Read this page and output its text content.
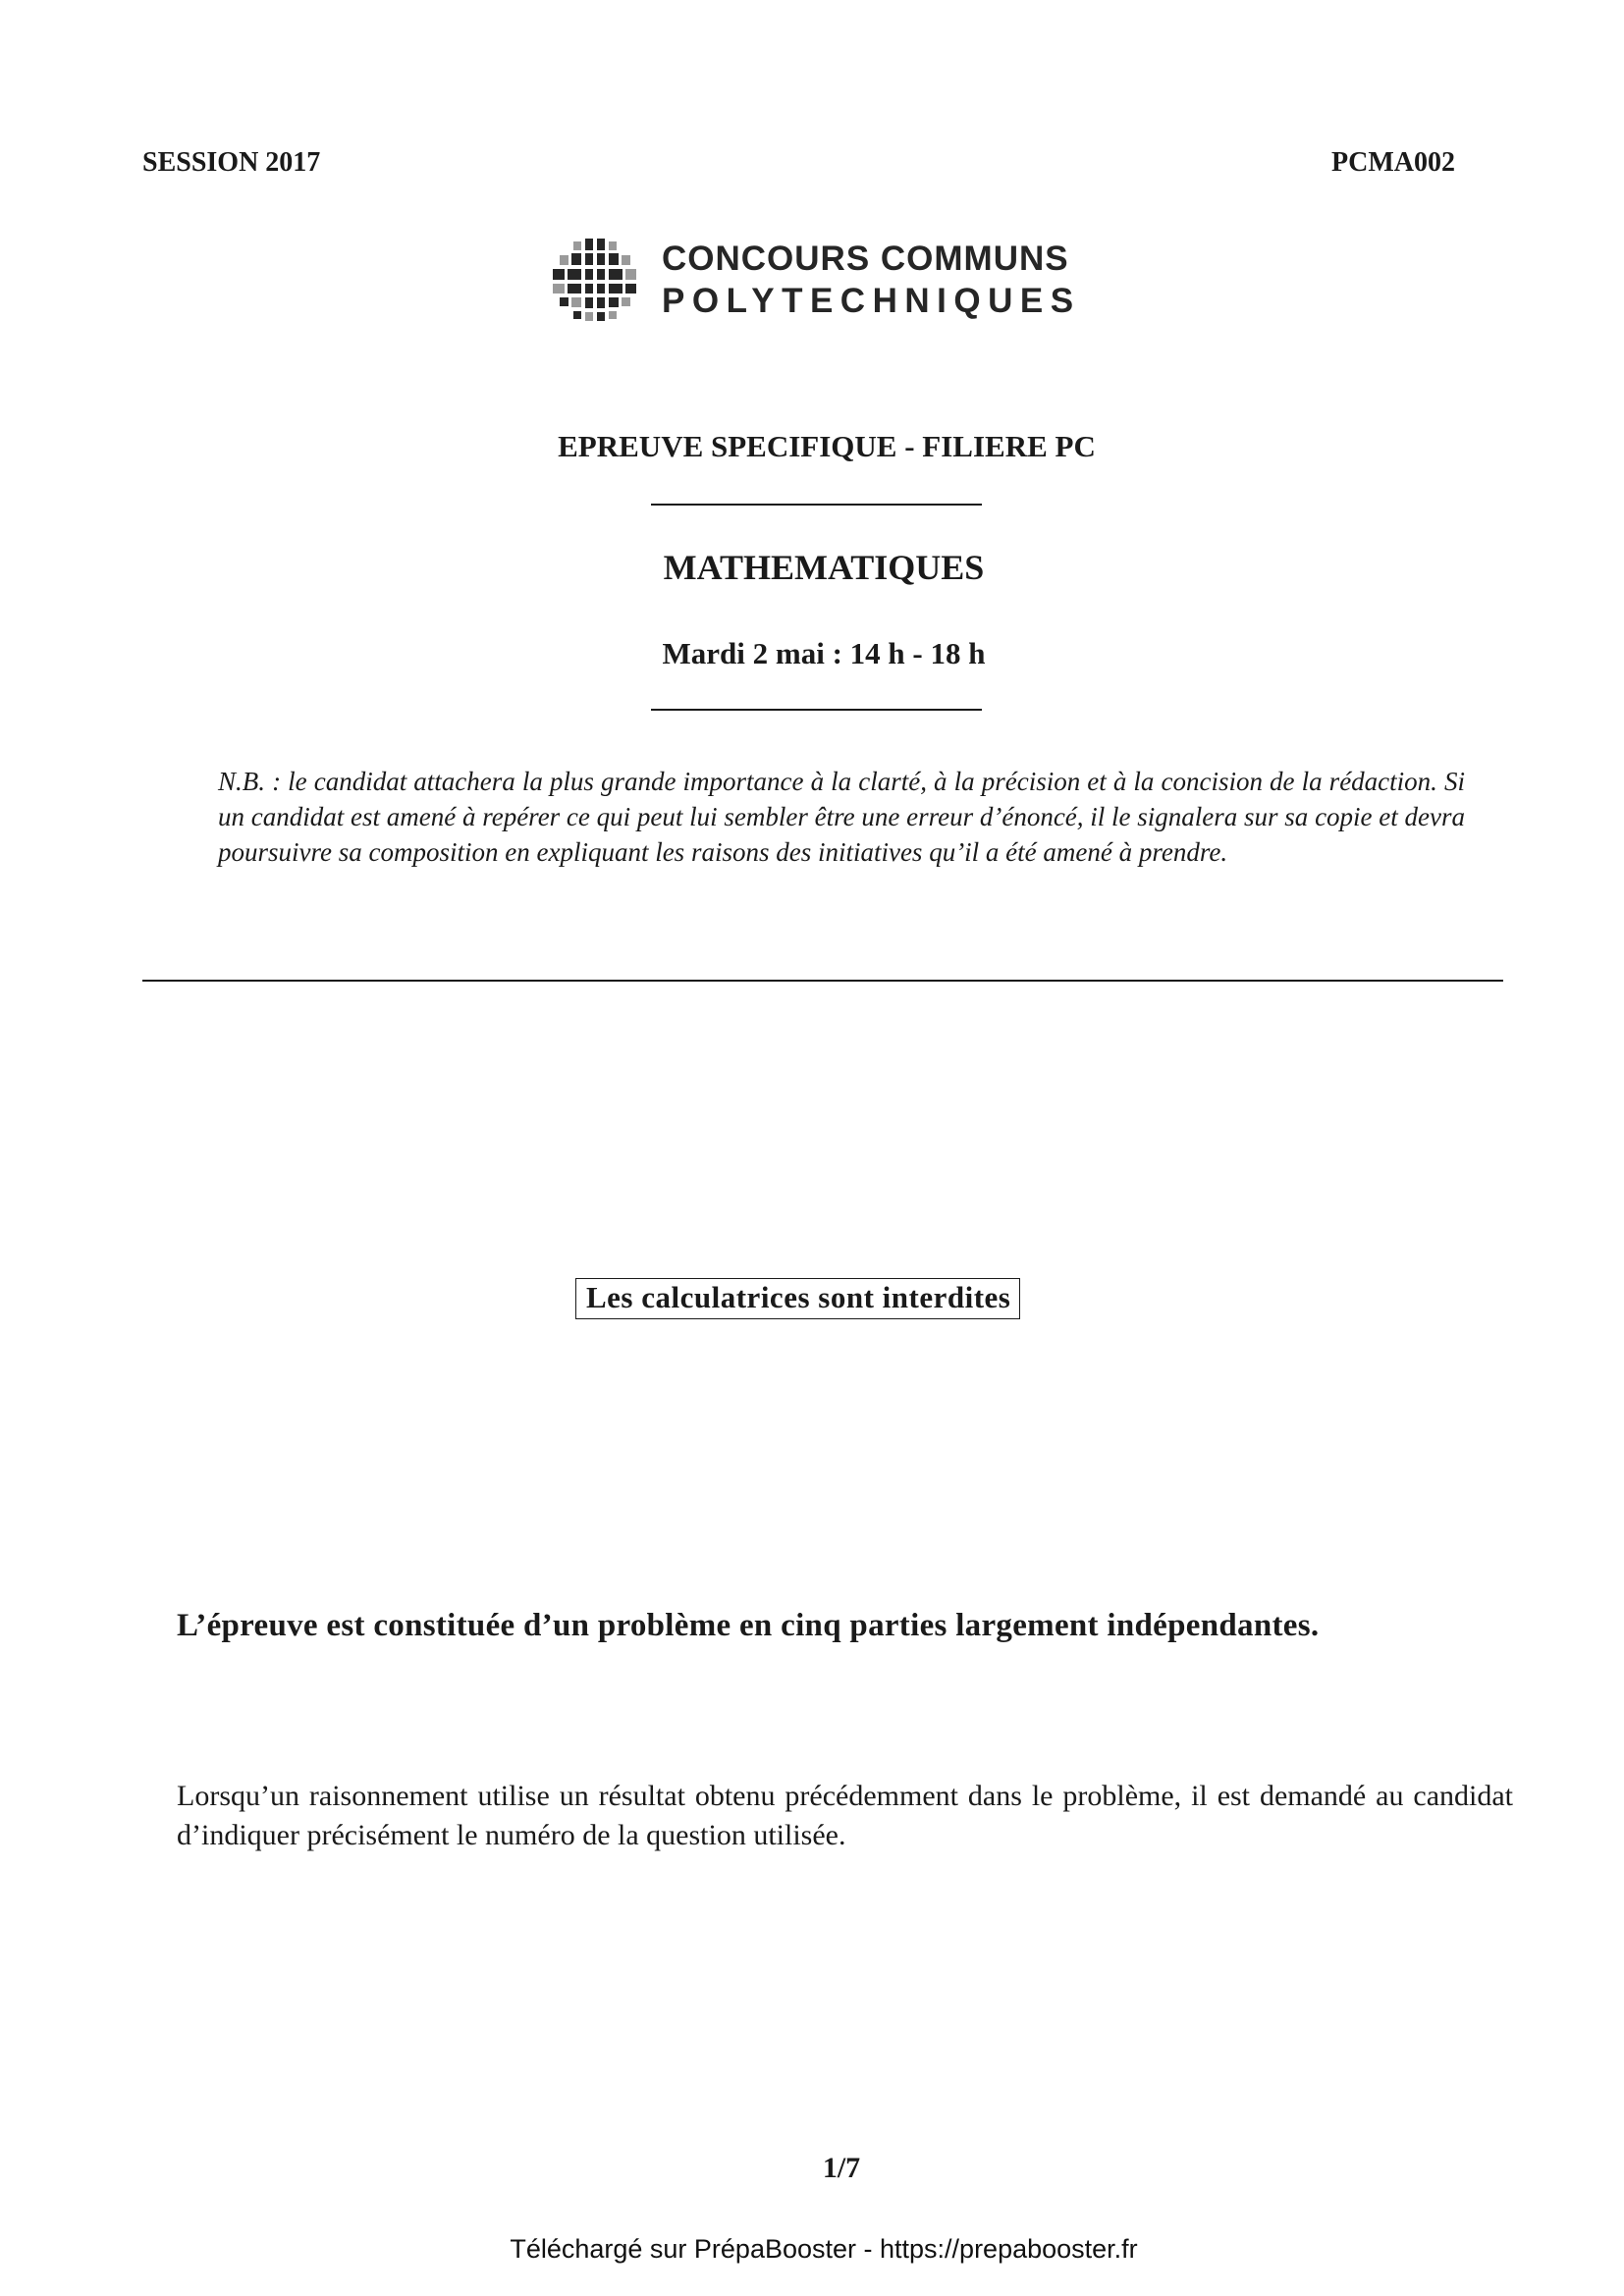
SESSION 2017	PCMA002
CONCOURS COMMUNS
POLYTECHNIQUES
EPREUVE SPECIFIQUE - FILIERE PC
MATHEMATIQUES
Mardi 2 mai : 14 h - 18 h
N.B. : le candidat attachera la plus grande importance à la clarté, à la précision et à la concision de la rédaction. Si un candidat est amené à repérer ce qui peut lui sembler être une erreur d’énoncé, il le signalera sur sa copie et devra poursuivre sa composition en expliquant les raisons des initiatives qu’il a été amené à prendre.
Les calculatrices sont interdites
L’épreuve est constituée d’un problème en cinq parties largement indépendantes.
Lorsqu’un raisonnement utilise un résultat obtenu précédemment dans le problème, il est demandé au candidat d’indiquer précisément le numéro de la question utilisée.
1/7
Téléchargé sur PrépaBooster - https://prepabooster.fr
